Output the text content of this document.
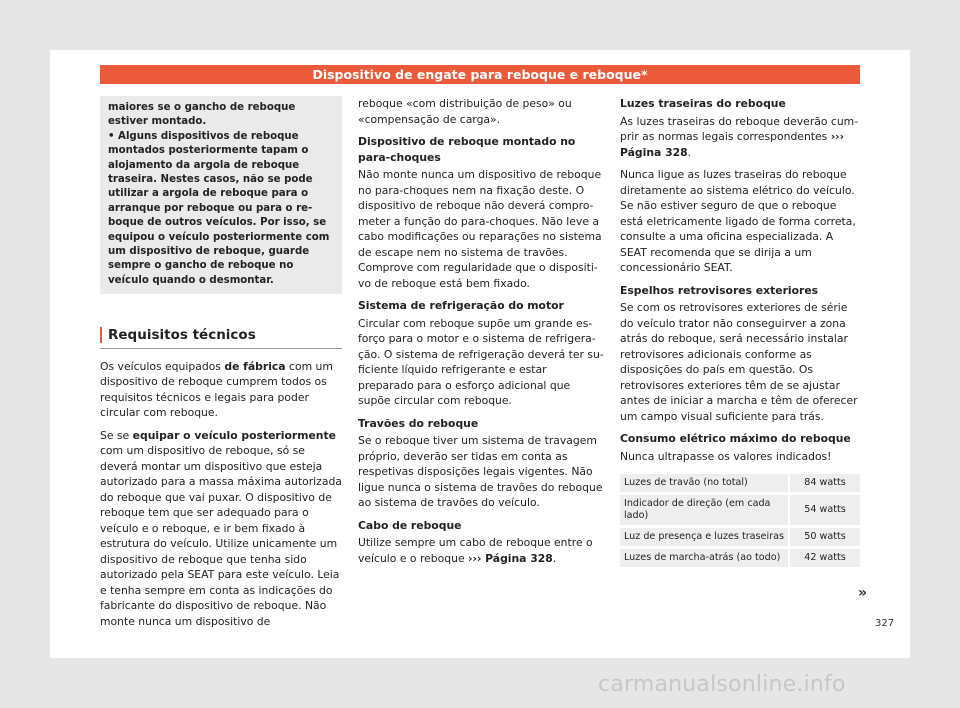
Dispositivo de engate para reboque e reboque*

maiores se o gancho de reboque estiver montado.

• Alguns dispositivos de reboque montados posteriormente tapam o alojamento da argola de reboque traseira. Nestes casos, não se pode utilizar a argola de reboque para o arranque por reboque ou para o reboque de outros veículos. Por isso, se equipou o veículo posteriormente com um dispositivo de reboque, guarde sempre o gancho de reboque no veículo quando o desmontar.

Requisitos técnicos

Os veículos equipados de fábrica com um dispositivo de reboque cumprem todos os requisitos técnicos e legais para poder circular com reboque.

Se se equipar o veículo posteriormente com um dispositivo de reboque, só se deverá montar um dispositivo que esteja autorizado para a massa máxima autorizada do reboque que vai puxar. O dispositivo de reboque tem que ser adequado para o veículo e o reboque, e ir bem fixado à estrutura do veículo. Utilize unicamente um dispositivo de reboque que tenha sido autorizado pela SEAT para este veículo. Leia e tenha sempre em conta as indicações do fabricante do dispositivo de reboque. Não monte nunca um dispositivo de

reboque «com distribuição de peso» ou «compensação de carga».

Dispositivo de reboque montado no para-choques

Não monte nunca um dispositivo de reboque no para-choques nem na fixação deste. O dispositivo de reboque não deverá comprometer a função do para-choques. Não leve a cabo modificações ou reparações no sistema de escape nem no sistema de travões. Comprove com regularidade que o dispositivo de reboque está bem fixado.

Sistema de refrigeração do motor

Circular com reboque supõe um grande esforço para o motor e o sistema de refrigeração. O sistema de refrigeração deverá ter suficiente líquido refrigerante e estar preparado para o esforço adicional que supõe circular com reboque.

Travões do reboque

Se o reboque tiver um sistema de travagem próprio, deverão ser tidas em conta as respetivas disposições legais vigentes. Não ligue nunca o sistema de travões do reboque ao sistema de travões do veículo.

Cabo de reboque

Utilize sempre um cabo de reboque entre o veículo e o reboque ››› Página 328.

Luzes traseiras do reboque

As luzes traseiras do reboque deverão cumprir as normas legais correspondentes ››› Página 328.

Nunca ligue as luzes traseiras do reboque diretamente ao sistema elétrico do veículo. Se não estiver seguro de que o reboque está eletricamente ligado de forma correta, consulte a uma oficina especializada. A SEAT recomenda que se dirija a um concessionário SEAT.

Espelhos retrovisores exteriores

Se com os retrovisores exteriores de série do veículo trator não conseguirver a zona atrás do reboque, será necessário instalar retrovisores adicionais conforme as disposições do país em questão. Os retrovisores exteriores têm de se ajustar antes de iniciar a marcha e têm de oferecer um campo visual suficiente para trás.

Consumo elétrico máximo do reboque

Nunca ultrapasse os valores indicados!

Luzes de travão (no total)	84 watts
Indicador de direção (em cada lado)	54 watts
Luz de presença e luzes traseiras	50 watts
Luzes de marcha-atrás (ao todo)	42 watts
»
327
carmanualsonline.info
